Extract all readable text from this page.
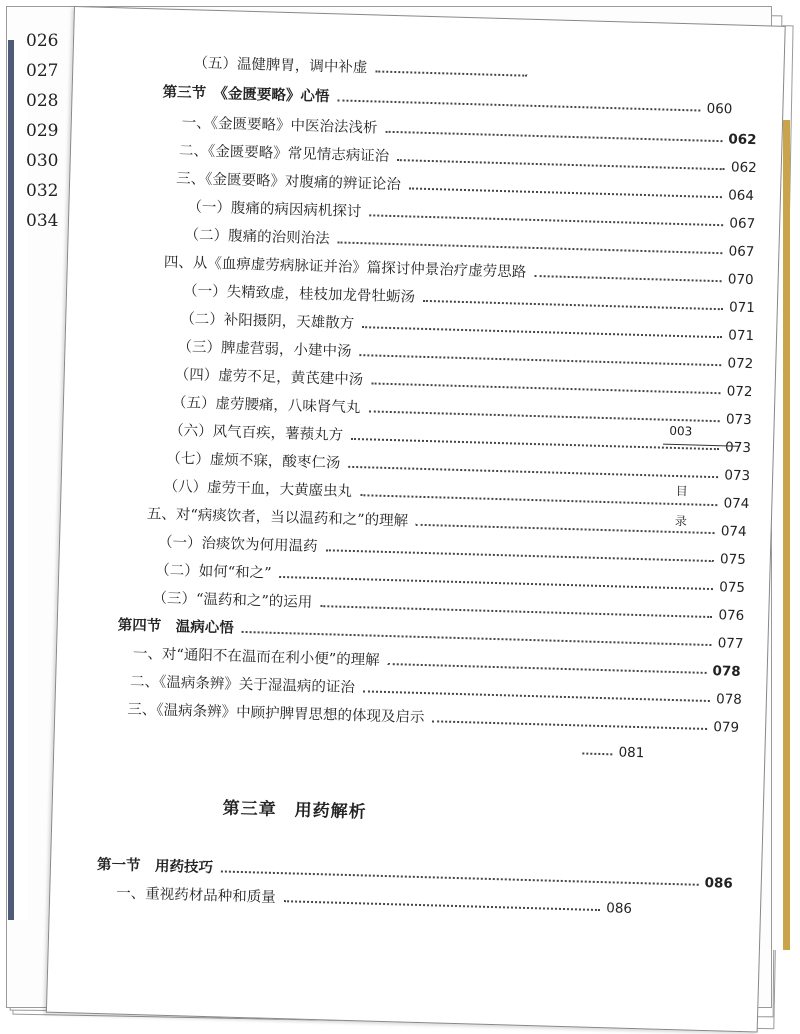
026
027
028
029
030
032
034
（五）温健脾胃，调中补虚
第三节　《金匮要略》心悟
060
一、《金匮要略》中医治法浅析
062
二、《金匮要略》常见情志病证治
062
三、《金匮要略》对腹痛的辨证论治
064
（一）腹痛的病因病机探讨
067
（二）腹痛的治则治法
067
四、从《血痹虚劳病脉证并治》篇探讨仲景治疗虚劳思路	070
（一）失精致虚，桂枝加龙骨牡蛎汤
071
（二）补阳摄阴，天雄散方
071
（三）脾虚营弱，小建中汤
072
（四）虚劳不足，黄芪建中汤
072
（五）虚劳腰痛，八味肾气丸
073
（六）风气百疾，薯蓣丸方
073
（七）虚烦不寐，酸枣仁汤
073
（八）虚劳干血，大黄䗪虫丸
074
五、对“病痰饮者，当以温药和之”的理解
074
（一）治痰饮为何用温药
075
（二）如何“和之”
075
（三）“温药和之”的运用
076
第四节　温病心悟
077
一、对“通阳不在温而在利小便”的理解
078
二、《温病条辨》关于湿温病的证治
078
三、《温病条辨》中顾护脾胃思想的体现及启示
079
081
第一节　用药技巧
086
一、重视药材品种和质量
086
第三章　用药解析
003
目
录
